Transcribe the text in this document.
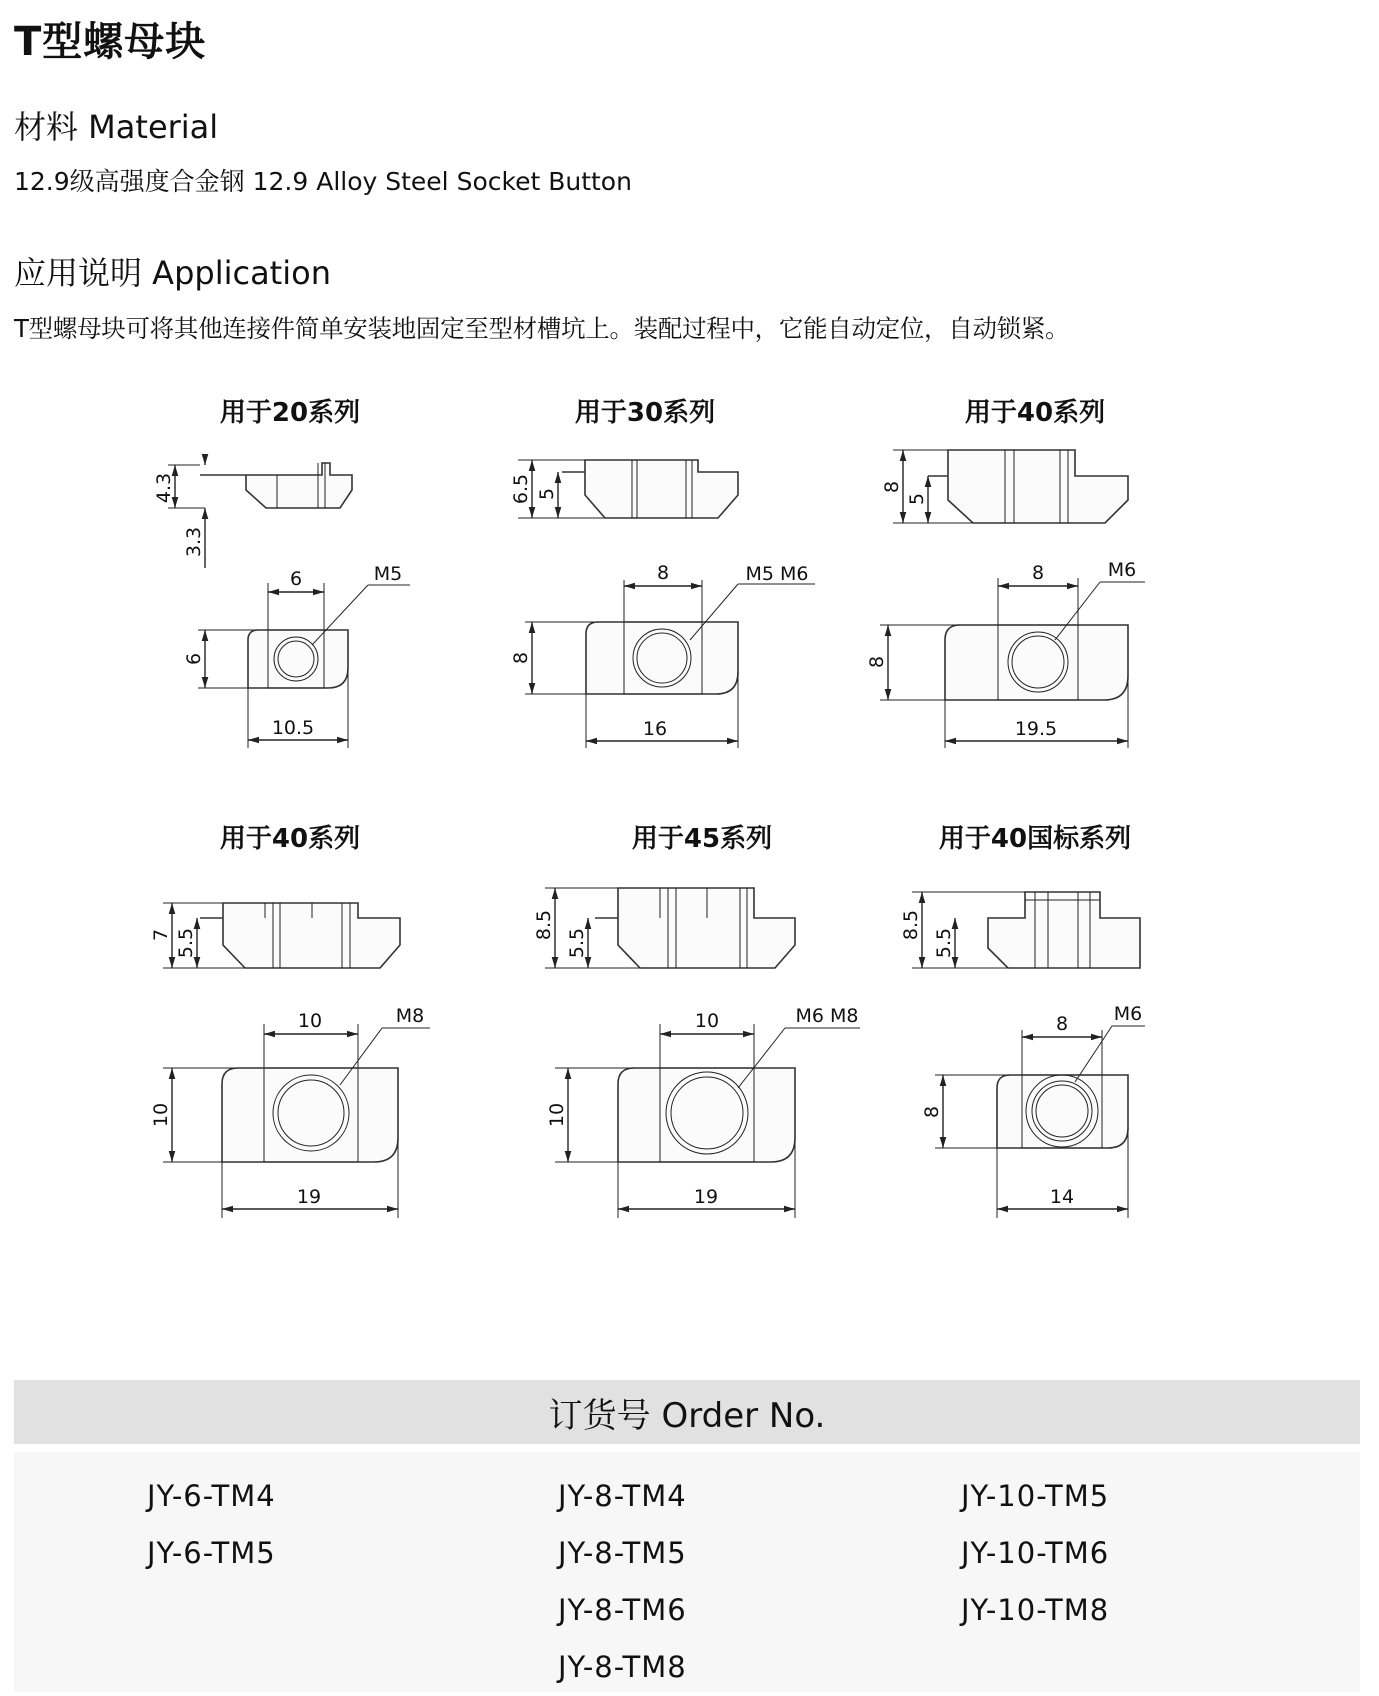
T型螺母块
材料 Material
12.9级高强度合金钢 12.9 Alloy Steel Socket Button
应用说明 Application
T型螺母块可将其他连接件简单安装地固定至型材槽坑上。装配过程中，它能自动定位，自动锁紧。
用于20系列	用于30系列	用于40系列
用于40系列	用于45系列	用于40国标系列
4.3
3.3
6	M5
6
10.5
6.5 5
8	M5 M6
8
16
8
5
8	M6
8
19.5
7 5.5
10	M8
10
19
8.5
5.5
10	M6 M8
10
19
8.5
5.5
8 M6
8
14
订货号 Order No.
JY-6-TM4
JY-6-TM5
JY-8-TM4
JY-8-TM5
JY-8-TM6
JY-8-TM8
JY-10-TM5
JY-10-TM6
JY-10-TM8
